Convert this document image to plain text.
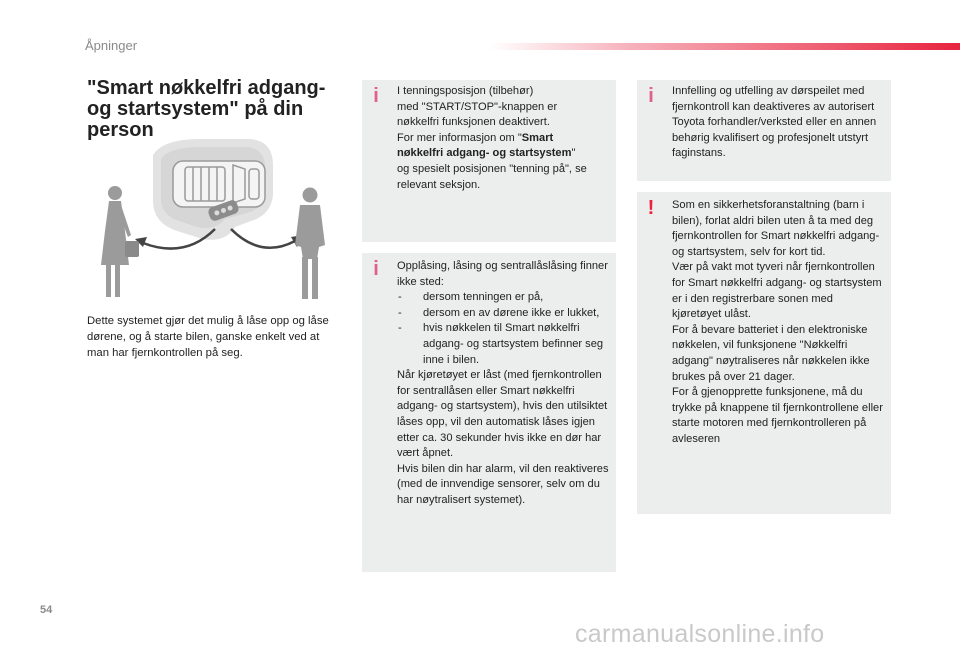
Åpninger
"Smart nøkkelfri adgang- og startsystem" på din person
Dette systemet gjør det mulig å låse opp og låse dørene, og å starte bilen, ganske enkelt ved at man har fjernkontrollen på seg.
i I tenningsposisjon (tilbehør)

med "START/STOP"-knappen er

nøkkelfri funksjonen deaktivert.

For mer informasjon om "Smart

nøkkelfri adgang- og startsystem"

og spesielt posisjonen "tenning på", se

relevant seksjon.

i Opplåsing, låsing og sentrallåslåsing finner ikke sted:

- dersom tenningen er på,

- dersom en av dørene ikke er lukket,

- hvis nøkkelen til Smart nøkkelfri adgang- og startsystem befinner seg inne i bilen.

Når kjøretøyet er låst (med fjernkontrollen for sentrallåsen eller Smart nøkkelfri adgang- og startsystem), hvis den utilsiktet låses opp, vil den automatisk låses igjen etter ca. 30 sekunder hvis ikke en dør har vært åpnet.

Hvis bilen din har alarm, vil den reaktiveres (med de innvendige sensorer, selv om du har nøytralisert systemet).

i Innfelling og utfelling av dørspeilet med fjernkontroll kan deaktiveres av autorisert Toyota forhandler/verksted eller en annen behørig kvalifisert og profesjonelt utstyrt faginstans.
! Som en sikkerhetsforanstaltning (barn i bilen), forlat aldri bilen uten å ta med deg fjernkontrollen for Smart nøkkelfri adgang- og startsystem, selv for kort tid.

Vær på vakt mot tyveri når fjernkontrollen for Smart nøkkelfri adgang- og startsystem er i den registrerbare sonen med kjøretøyet ulåst.

For å bevare batteriet i den elektroniske nøkkelen, vil funksjonene "Nøkkelfri adgang" nøytraliseres når nøkkelen ikke brukes på over 21 dager.

For å gjenopprette funksjonene, må du trykke på knappene til fjernkontrollene eller starte motoren med fjernkontrolleren på avleseren

54
carmanualsonline.info
